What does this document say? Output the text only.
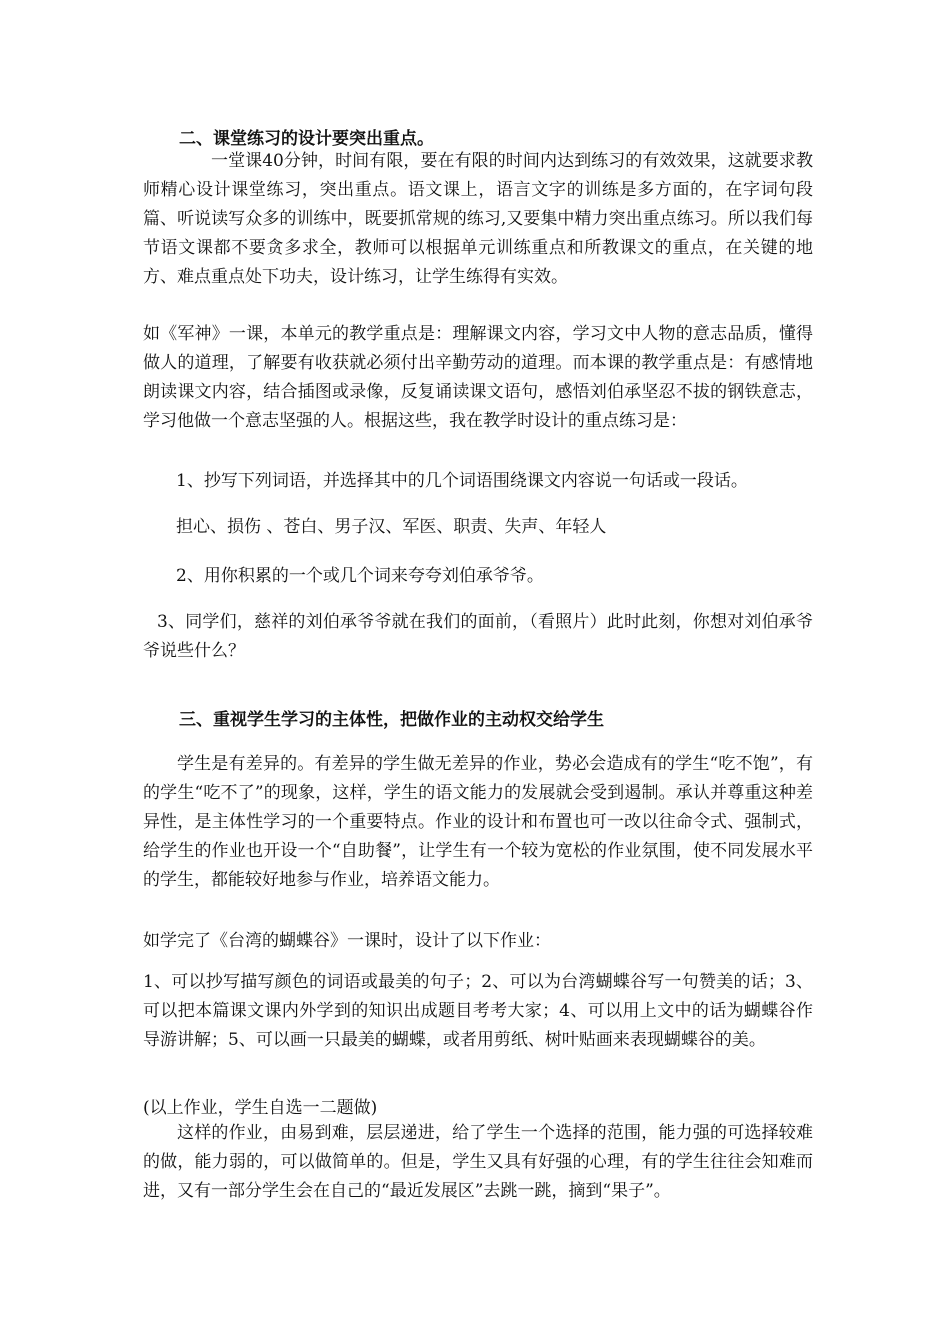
二、课堂练习的设计要突出重点。

一堂课40分钟，时间有限，要在有限的时间内达到练习的有效效果，这就要求教师精心设计课堂练习，突出重点。语文课上，语言文字的训练是多方面的，在字词句段篇、听说读写众多的训练中，既要抓常规的练习,又要集中精力突出重点练习。所以我们每节语文课都不要贪多求全，教师可以根据单元训练重点和所教课文的重点，在关键的地方、难点重点处下功夫，设计练习，让学生练得有实效。

如《军神》一课，本单元的教学重点是：理解课文内容，学习文中人物的意志品质，懂得做人的道理，了解要有收获就必须付出辛勤劳动的道理。而本课的教学重点是：有感情地朗读课文内容，结合插图或录像，反复诵读课文语句，感悟刘伯承坚忍不拔的钢铁意志，学习他做一个意志坚强的人。根据这些，我在教学时设计的重点练习是：

1、抄写下列词语，并选择其中的几个词语围绕课文内容说一句话或一段话。

担心、损伤 、苍白、男子汉、军医、职责、失声、年轻人

2、用你积累的一个或几个词来夸夸刘伯承爷爷。

3、同学们，慈祥的刘伯承爷爷就在我们的面前，（看照片）此时此刻，你想对刘伯承爷爷说些什么？

三、重视学生学习的主体性，把做作业的主动权交给学生

学生是有差异的。有差异的学生做无差异的作业，势必会造成有的学生“吃不饱”，有的学生“吃不了”的现象，这样，学生的语文能力的发展就会受到遏制。承认并尊重这种差异性，是主体性学习的一个重要特点。作业的设计和布置也可一改以往命令式、强制式，给学生的作业也开设一个“自助餐”，让学生有一个较为宽松的作业氛围，使不同发展水平的学生，都能较好地参与作业，培养语文能力。

如学完了《台湾的蝴蝶谷》一课时，设计了以下作业：

1、可以抄写描写颜色的词语或最美的句子；2、可以为台湾蝴蝶谷写一句赞美的话；3、可以把本篇课文课内外学到的知识出成题目考考大家；4、可以用上文中的话为蝴蝶谷作导游讲解；5、可以画一只最美的蝴蝶，或者用剪纸、树叶贴画来表现蝴蝶谷的美。

(以上作业，学生自选一二题做)

这样的作业，由易到难，层层递进，给了学生一个选择的范围，能力强的可选择较难的做，能力弱的，可以做简单的。但是，学生又具有好强的心理，有的学生往往会知难而进，又有一部分学生会在自己的“最近发展区”去跳一跳，摘到“果子”。
